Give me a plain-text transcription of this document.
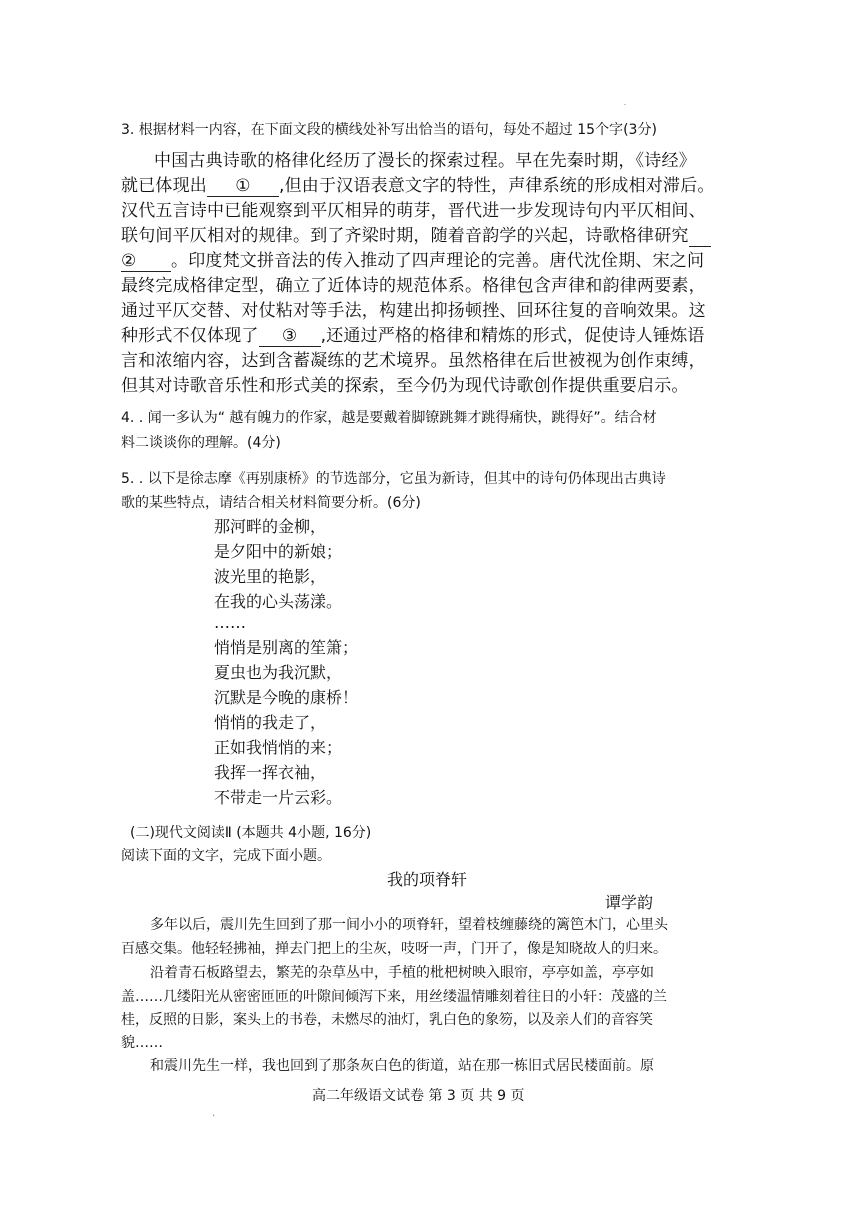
.
3. 根据材料一内容，在下面文段的横线处补写出恰当的语句，每处不超过 15个字(3分)
中国古典诗歌的格律化经历了漫长的探索过程。早在先秦时期，《诗经》
就已体现出 ① ,但由于汉语表意文字的特性，声律系统的形成相对滞后。
汉代五言诗中已能观察到平仄相异的萌芽，晋代进一步发现诗句内平仄相间、
联句间平仄相对的规律。到了齐梁时期，随着音韵学的兴起，诗歌格律研究
② 。印度梵文拼音法的传入推动了四声理论的完善。唐代沈佺期、宋之问
最终完成格律定型，确立了近体诗的规范体系。格律包含声律和韵律两要素，
通过平仄交替、对仗粘对等手法，构建出抑扬顿挫、回环往复的音响效果。这
种形式不仅体现了 ③ ,还通过严格的格律和精炼的形式，促使诗人锤炼语
言和浓缩内容，达到含蓄凝练的艺术境界。虽然格律在后世被视为创作束缚，
但其对诗歌音乐性和形式美的探索，至今仍为现代诗歌创作提供重要启示。
4. . 闻一多认为“ 越有魄力的作家，越是要戴着脚镣跳舞才跳得痛快，跳得好”。结合材
料二谈谈你的理解。(4分)
5. . 以下是徐志摩《再别康桥》的节选部分，它虽为新诗，但其中的诗句仍体现出古典诗
歌的某些特点，请结合相关材料简要分析。(6分)
那河畔的金柳，
是夕阳中的新娘；
波光里的艳影，
在我的心头荡漾。
……
悄悄是别离的笙箫；
夏虫也为我沉默，
沉默是今晚的康桥！
悄悄的我走了，
正如我悄悄的来；
我挥一挥衣袖，
不带走一片云彩。
(二)现代文阅读Ⅱ (本题共 4小题, 16分)
阅读下面的文字，完成下面小题。
我的项脊轩
谭学韵
多年以后，震川先生回到了那一间小小的项脊轩，望着枝缠藤绕的篱笆木门，心里头
百感交集。他轻轻拂袖，掸去门把上的尘灰，吱呀一声，门开了，像是知晓故人的归来。
沿着青石板路望去，繁芜的杂草丛中，手植的枇杷树映入眼帘，亭亭如盖，亭亭如
盖……几缕阳光从密密匝匝的叶隙间倾泻下来，用丝缕温情雕刻着往日的小轩：茂盛的兰
桂，反照的日影，案头上的书卷，未燃尽的油灯，乳白色的象笏，以及亲人们的音容笑
貌……
和震川先生一样，我也回到了那条灰白色的街道，站在那一栋旧式居民楼面前。原
高二年级语文试卷 第 3 页 共 9 页
'
